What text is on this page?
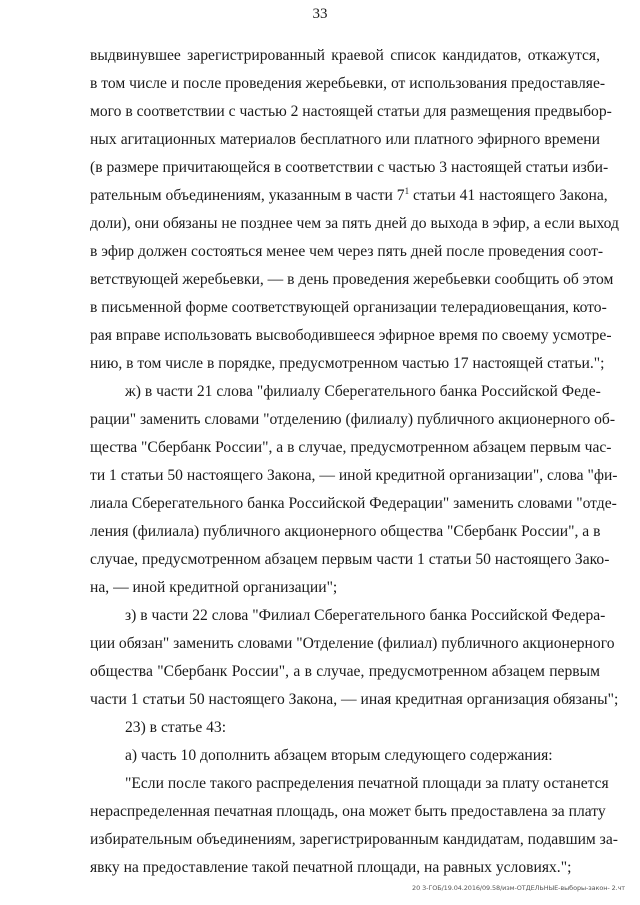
33
выдвинувшее зарегистрированный краевой список кандидатов, откажутся,
в том числе и после проведения жеребьевки, от использования предоставляе-
мого в соответствии с частью 2 настоящей статьи для размещения предвыбор-
ных агитационных материалов бесплатного или платного эфирного времени
(в размере причитающейся в соответствии с частью 3 настоящей статьи изби-
рательным объединениям, указанным в части $7^1$ статьи 41 настоящего Закона,
доли), они обязаны не позднее чем за пять дней до выхода в эфир, а если выход
в эфир должен состояться менее чем через пять дней после проведения соот-
ветствующей жеребьевки, — в день проведения жеребьевки сообщить об этом
в письменной форме соответствующей организации телерадиовещания, кото-
рая вправе использовать высвободившееся эфирное время по своему усмотре-
нию, в том числе в порядке, предусмотренном частью 17 настоящей статьи.";
ж) в части 21 слова "филиалу Сберегательного банка Российской Феде-
рации" заменить словами "отделению (филиалу) публичного акционерного об-
щества "Сбербанк России", а в случае, предусмотренном абзацем первым час-
ти 1 статьи 50 настоящего Закона, — иной кредитной организации", слова "фи-
лиала Сберегательного банка Российской Федерации" заменить словами "отде-
ления (филиала) публичного акционерного общества "Сбербанк России", а в
случае, предусмотренном абзацем первым части 1 статьи 50 настоящего Зако-
на, — иной кредитной организации";
з) в части 22 слова "Филиал Сберегательного банка Российской Федера-
ции обязан" заменить словами "Отделение (филиал) публичного акционерного
общества "Сбербанк России", а в случае, предусмотренном абзацем первым
части 1 статьи 50 настоящего Закона, — иная кредитная организация обязаны";
23) в статье 43:
а) часть 10 дополнить абзацем вторым следующего содержания:
"Если после такого распределения печатной площади за плату останется
нераспределенная печатная площадь, она может быть предоставлена за плату
избирательным объединениям, зарегистрированным кандидатам, подавшим за-
явку на предоставление такой печатной площади, на равных условиях.";
20 3-ГОБ/19.04.2016/09.58/изм-ОТДЕЛЬНЫЕ-выборы-закон- 2.чт
